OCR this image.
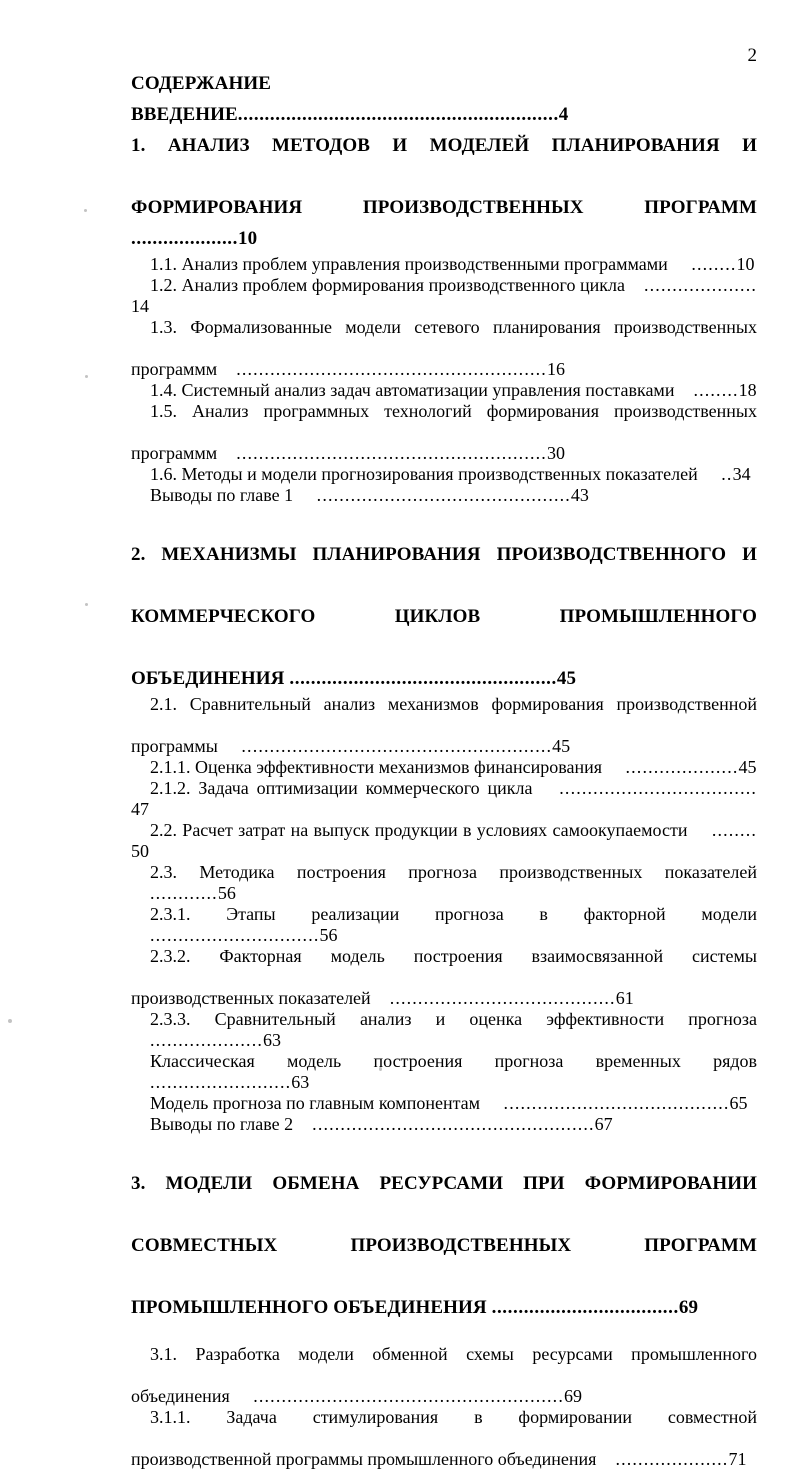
2
СОДЕРЖАНИЕ
ВВЕДЕНИЕ............................................................4
1. АНАЛИЗ МЕТОДОВ И МОДЕЛЕЙ ПЛАНИРОВАНИЯ ИФОРМИРОВАНИЯ ПРОИЗВОДСТВЕННЫХ ПРОГРАММ ....................10
1.1. Анализ проблем управления производственными программами ........10
1.2. Анализ проблем формирования производственного цикла ....................14
1.3. Формализованные модели сетевого планирования производственныхпрограммм .......................................................16
1.4. Системный анализ задач автоматизации управления поставками ........18
1.5. Анализ программных технологий формирования производственныхпрограммм .......................................................30
1.6. Методы и модели прогнозирования производственных показателей ..34
Выводы по главе 1 .............................................43
2. МЕХАНИЗМЫ ПЛАНИРОВАНИЯ ПРОИЗВОДСТВЕННОГО ИКОММЕРЧЕСКОГО ЦИКЛОВ ПРОМЫШЛЕННОГООБЪЕДИНЕНИЯ ..................................................45
2.1. Сравнительный анализ механизмов формирования производственнойпрограммы .......................................................45
2.1.1. Оценка эффективности механизмов финансирования ....................45
2.1.2. Задача оптимизации коммерческого цикла ...................................47
2.2. Расчет затрат на выпуск продукции в условиях самоокупаемости ........50
2.3. Методика построения прогноза производственных показателей ............56
2.3.1. Этапы реализации прогноза в факторной модели ..............................56
2.3.2. Факторная модель построения взаимосвязанной системыпроизводственных показателей ........................................61
2.3.3. Сравнительный анализ и оценка эффективности прогноза ....................63
Классическая модель построения прогноза временных рядов.........................63
Модель прогноза по главным компонентам ........................................65
Выводы по главе 2 ..................................................67
3. МОДЕЛИ ОБМЕНА РЕСУРСАМИ ПРИ ФОРМИРОВАНИИСОВМЕСТНЫХ ПРОИЗВОДСТВЕННЫХ ПРОГРАММПРОМЫШЛЕННОГО ОБЪЕДИНЕНИЯ ...................................69
3.1. Разработка модели обменной схемы ресурсами промышленногообъединения .......................................................69
3.1.1. Задача стимулирования в формировании совместнойпроизводственной программы промышленного объединения ....................71
